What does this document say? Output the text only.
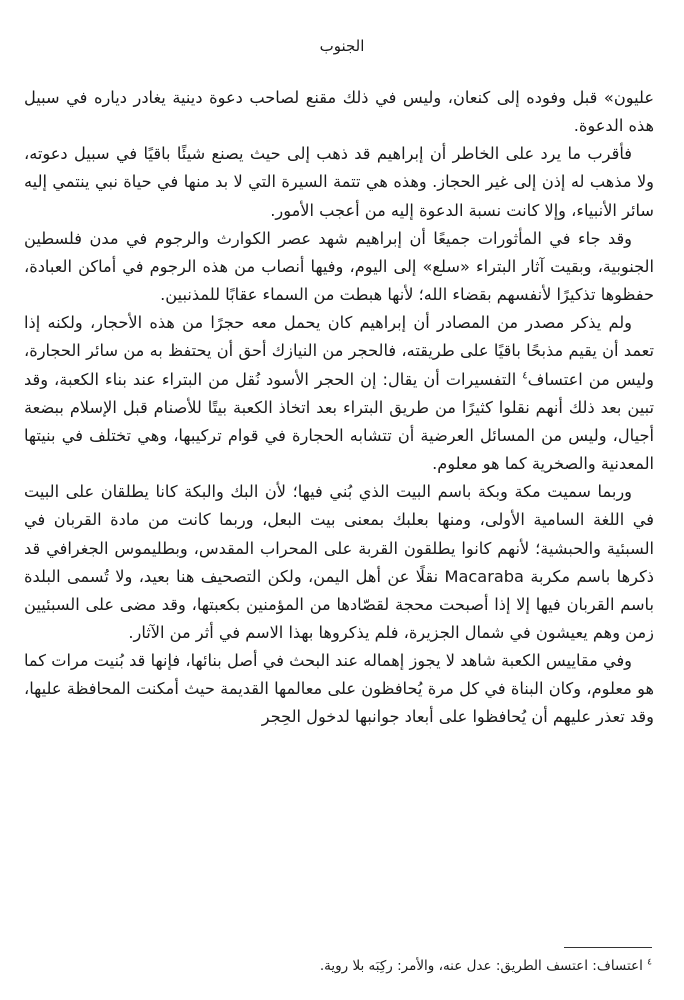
الجنوب

عليون» قبل وفوده إلى كنعان، وليس في ذلك مقنع لصاحب دعوة دينية يغادر دياره في سبيل هذه الدعوة.

فأقرب ما يرد على الخاطر أن إبراهيم قد ذهب إلى حيث يصنع شيئًا باقيًا في سبيل دعوته، ولا مذهب له إذن إلى غير الحجاز. وهذه هي تتمة السيرة التي لا بد منها في حياة نبي ينتمي إليه سائر الأنبياء، وإلا كانت نسبة الدعوة إليه من أعجب الأمور.

وقد جاء في المأثورات جميعًا أن إبراهيم شهد عصر الكوارث والرجوم في مدن فلسطين الجنوبية، وبقيت آثار البتراء «سلع» إلى اليوم، وفيها أنصاب من هذه الرجوم في أماكن العبادة، حفظوها تذكيرًا لأنفسهم بقضاء الله؛ لأنها هبطت من السماء عقابًا للمذنبين.

ولم يذكر مصدر من المصادر أن إبراهيم كان يحمل معه حجرًا من هذه الأحجار، ولكنه إذا تعمد أن يقيم مذبحًا باقيًا على طريقته، فالحجر من النيازك أحق أن يحتفظ به من سائر الحجارة، وليس من اعتساف$^٤$ التفسيرات أن يقال: إن الحجر الأسود نُقل من البتراء عند بناء الكعبة، وقد تبين بعد ذلك أنهم نقلوا كثيرًا من طريق البتراء بعد اتخاذ الكعبة بيتًا للأصنام قبل الإسلام ببضعة أجيال، وليس من المسائل العرضية أن تتشابه الحجارة في قوام تركيبها، وهي تختلف في بنيتها المعدنية والصخرية كما هو معلوم.

وربما سميت مكة وبكة باسم البيت الذي بُني فيها؛ لأن البك والبكة كانا يطلقان على البيت في اللغة السامية الأولى، ومنها بعلبك بمعنى بيت البعل، وربما كانت من مادة القربان في السبئية والحبشية؛ لأنهم كانوا يطلقون القربة على المحراب المقدس، وبطليموس الجغرافي قد ذكرها باسم مكربة Macaraba نقلًا عن أهل اليمن، ولكن التصحيف هنا بعيد، ولا تُسمى البلدة باسم القربان فيها إلا إذا أصبحت محجة لقصّادها من المؤمنين بكعبتها، وقد مضى على السبئيين زمن وهم يعيشون في شمال الجزيرة، فلم يذكروها بهذا الاسم في أثر من الآثار.

وفي مقاييس الكعبة شاهد لا يجوز إهماله عند البحث في أصل بنائها، فإنها قد بُنيت مرات كما هو معلوم، وكان البناة في كل مرة يُحافظون على معالمها القديمة حيث أمكنت المحافظة عليها، وقد تعذر عليهم أن يُحافظوا على أبعاد جوانبها لدخول الحِجر

$^٤$ اعتساف: اعتسف الطريق: عدل عنه، والأمر: ركِبَه بلا روية.
